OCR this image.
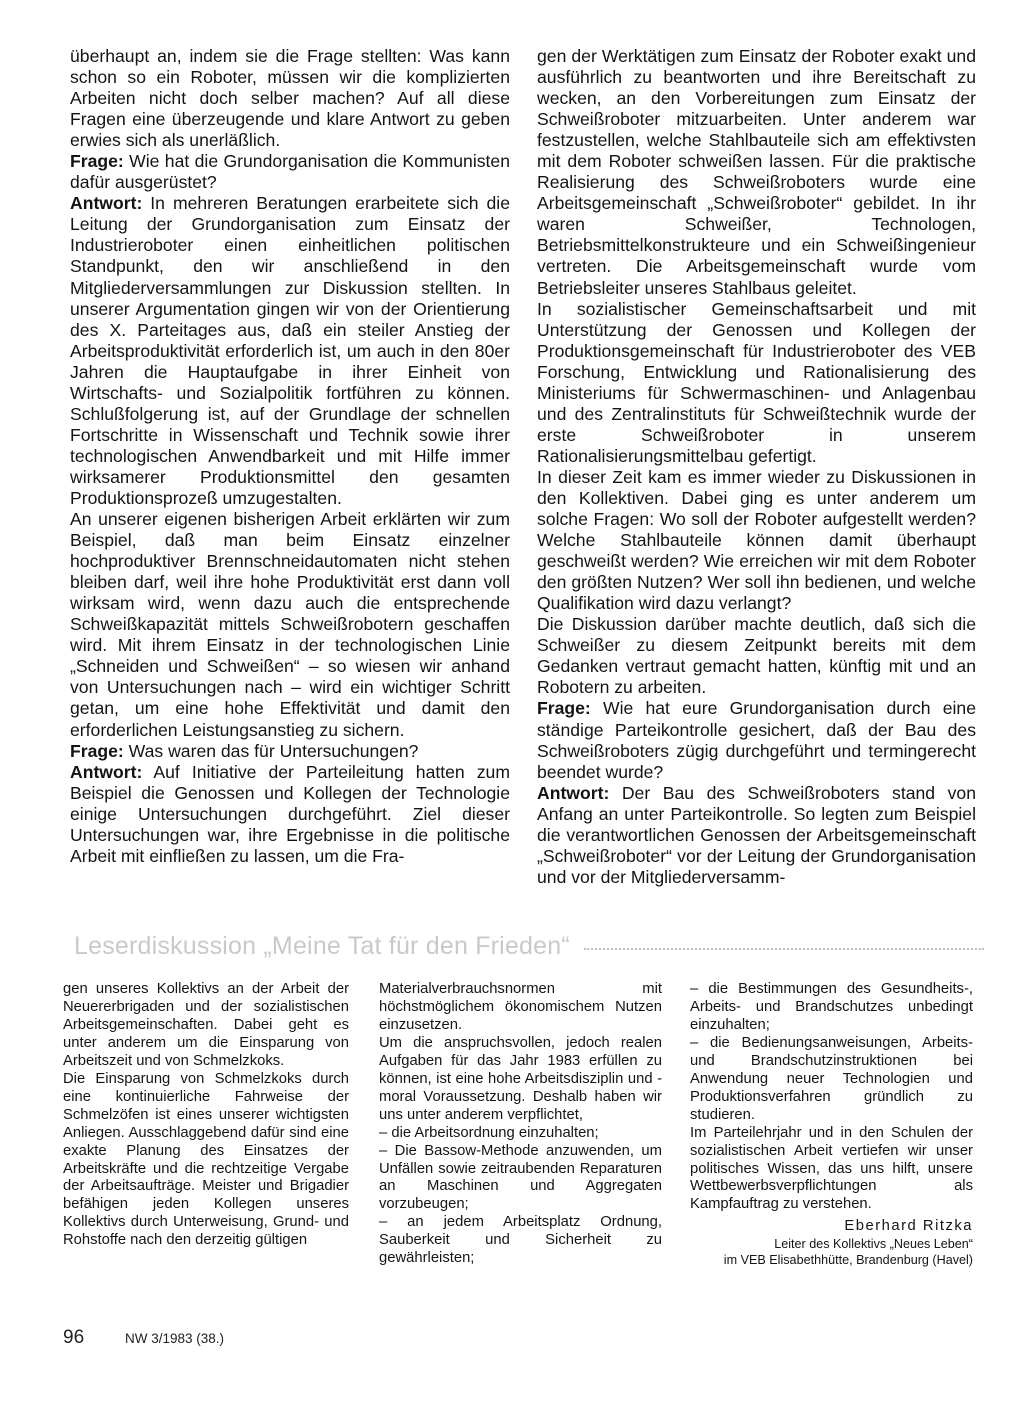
überhaupt an, indem sie die Frage stellten: Was kann schon so ein Roboter, müssen wir die komplizierten Arbeiten nicht doch selber machen? Auf all diese Fragen eine überzeugende und klare Antwort zu geben erwies sich als unerläßlich.

Frage: Wie hat die Grundorganisation die Kommunisten dafür ausgerüstet?

Antwort: In mehreren Beratungen erarbeitete sich die Leitung der Grundorganisation zum Einsatz der Industrieroboter einen einheitlichen politischen Standpunkt, den wir anschließend in den Mitgliederversammlungen zur Diskussion stellten. In unserer Argumentation gingen wir von der Orientierung des X. Parteitages aus, daß ein steiler Anstieg der Arbeitsproduktivität erforderlich ist, um auch in den 80er Jahren die Hauptaufgabe in ihrer Einheit von Wirtschafts- und Sozialpolitik fortführen zu können. Schlußfolgerung ist, auf der Grundlage der schnellen Fortschritte in Wissenschaft und Technik sowie ihrer technologischen Anwendbarkeit und mit Hilfe immer wirksamerer Produktionsmittel den gesamten Produktionsprozeß umzugestalten.

An unserer eigenen bisherigen Arbeit erklärten wir zum Beispiel, daß man beim Einsatz einzelner hochproduktiver Brennschneidautomaten nicht stehen bleiben darf, weil ihre hohe Produktivität erst dann voll wirksam wird, wenn dazu auch die entsprechende Schweißkapazität mittels Schweißrobotern geschaffen wird. Mit ihrem Einsatz in der technologischen Linie „Schneiden und Schweißen“ – so wiesen wir anhand von Untersuchungen nach – wird ein wichtiger Schritt getan, um eine hohe Effektivität und damit den erforderlichen Leistungsanstieg zu sichern.

Frage: Was waren das für Untersuchungen?

Antwort: Auf Initiative der Parteileitung hatten zum Beispiel die Genossen und Kollegen der Technologie einige Untersuchungen durchgeführt. Ziel dieser Untersuchungen war, ihre Ergebnisse in die politische Arbeit mit einfließen zu lassen, um die Fra-

gen der Werktätigen zum Einsatz der Roboter exakt und ausführlich zu beantworten und ihre Bereitschaft zu wecken, an den Vorbereitungen zum Einsatz der Schweißroboter mitzuarbeiten. Unter anderem war festzustellen, welche Stahlbauteile sich am effektivsten mit dem Roboter schweißen lassen. Für die praktische Realisierung des Schweißroboters wurde eine Arbeitsgemeinschaft „Schweißroboter“ gebildet. In ihr waren Schweißer, Technologen, Betriebsmittelkonstrukteure und ein Schweißingenieur vertreten. Die Arbeitsgemeinschaft wurde vom Betriebsleiter unseres Stahlbaus geleitet.

In sozialistischer Gemeinschaftsarbeit und mit Unterstützung der Genossen und Kollegen der Produktionsgemeinschaft für Industrieroboter des VEB Forschung, Entwicklung und Rationalisierung des Ministeriums für Schwermaschinen- und Anlagenbau und des Zentralinstituts für Schweißtechnik wurde der erste Schweißroboter in unserem Rationalisierungsmittelbau gefertigt.

In dieser Zeit kam es immer wieder zu Diskussionen in den Kollektiven. Dabei ging es unter anderem um solche Fragen: Wo soll der Roboter aufgestellt werden? Welche Stahlbauteile können damit überhaupt geschweißt werden? Wie erreichen wir mit dem Roboter den größten Nutzen? Wer soll ihn bedienen, und welche Qualifikation wird dazu verlangt?

Die Diskussion darüber machte deutlich, daß sich die Schweißer zu diesem Zeitpunkt bereits mit dem Gedanken vertraut gemacht hatten, künftig mit und an Robotern zu arbeiten.

Frage: Wie hat eure Grundorganisation durch eine ständige Parteikontrolle gesichert, daß der Bau des Schweißroboters zügig durchgeführt und termingerecht beendet wurde?

Antwort: Der Bau des Schweißroboters stand von Anfang an unter Parteikontrolle. So legten zum Beispiel die verantwortlichen Genossen der Arbeitsgemeinschaft „Schweißroboter“ vor der Leitung der Grundorganisation und vor der Mitgliederversamm-

Leserdiskussion „Meine Tat für den Frieden“

gen unseres Kollektivs an der Arbeit der Neuererbrigaden und der sozialistischen Arbeitsgemeinschaften. Dabei geht es unter anderem um die Einsparung von Arbeitszeit und von Schmelzkoks.

Die Einsparung von Schmelzkoks durch eine kontinuierliche Fahrweise der Schmelzöfen ist eines unserer wichtigsten Anliegen. Ausschlaggebend dafür sind eine exakte Planung des Einsatzes der Arbeitskräfte und die rechtzeitige Vergabe der Arbeitsaufträge. Meister und Brigadier befähigen jeden Kollegen unseres Kollektivs durch Unterweisung, Grund- und Rohstoffe nach den derzeitig gültigen

Materialverbrauchsnormen mit höchstmöglichem ökonomischem Nutzen einzusetzen.

Um die anspruchsvollen, jedoch realen Aufgaben für das Jahr 1983 erfüllen zu können, ist eine hohe Arbeitsdisziplin und -moral Voraussetzung. Deshalb haben wir uns unter anderem verpflichtet,

– die Arbeitsordnung einzuhalten;

– Die Bassow-Methode anzuwenden, um Unfällen sowie zeitraubenden Reparaturen an Maschinen und Aggregaten vorzubeugen;

– an jedem Arbeitsplatz Ordnung, Sauberkeit und Sicherheit zu gewährleisten;

– die Bestimmungen des Gesundheits-, Arbeits- und Brandschutzes unbedingt einzuhalten;

– die Bedienungsanweisungen, Arbeits- und Brandschutzinstruktionen bei Anwendung neuer Technologien und Produktionsverfahren gründlich zu studieren.

Im Parteilehrjahr und in den Schulen der sozialistischen Arbeit vertiefen wir unser politisches Wissen, das uns hilft, unsere Wettbewerbsverpflichtungen als Kampfauftrag zu verstehen.

Eberhard Ritzka

Leiter des Kollektivs „Neues Leben“

im VEB Elisabethhütte, Brandenburg (Havel)

96	NW 3/1983 (38.)
